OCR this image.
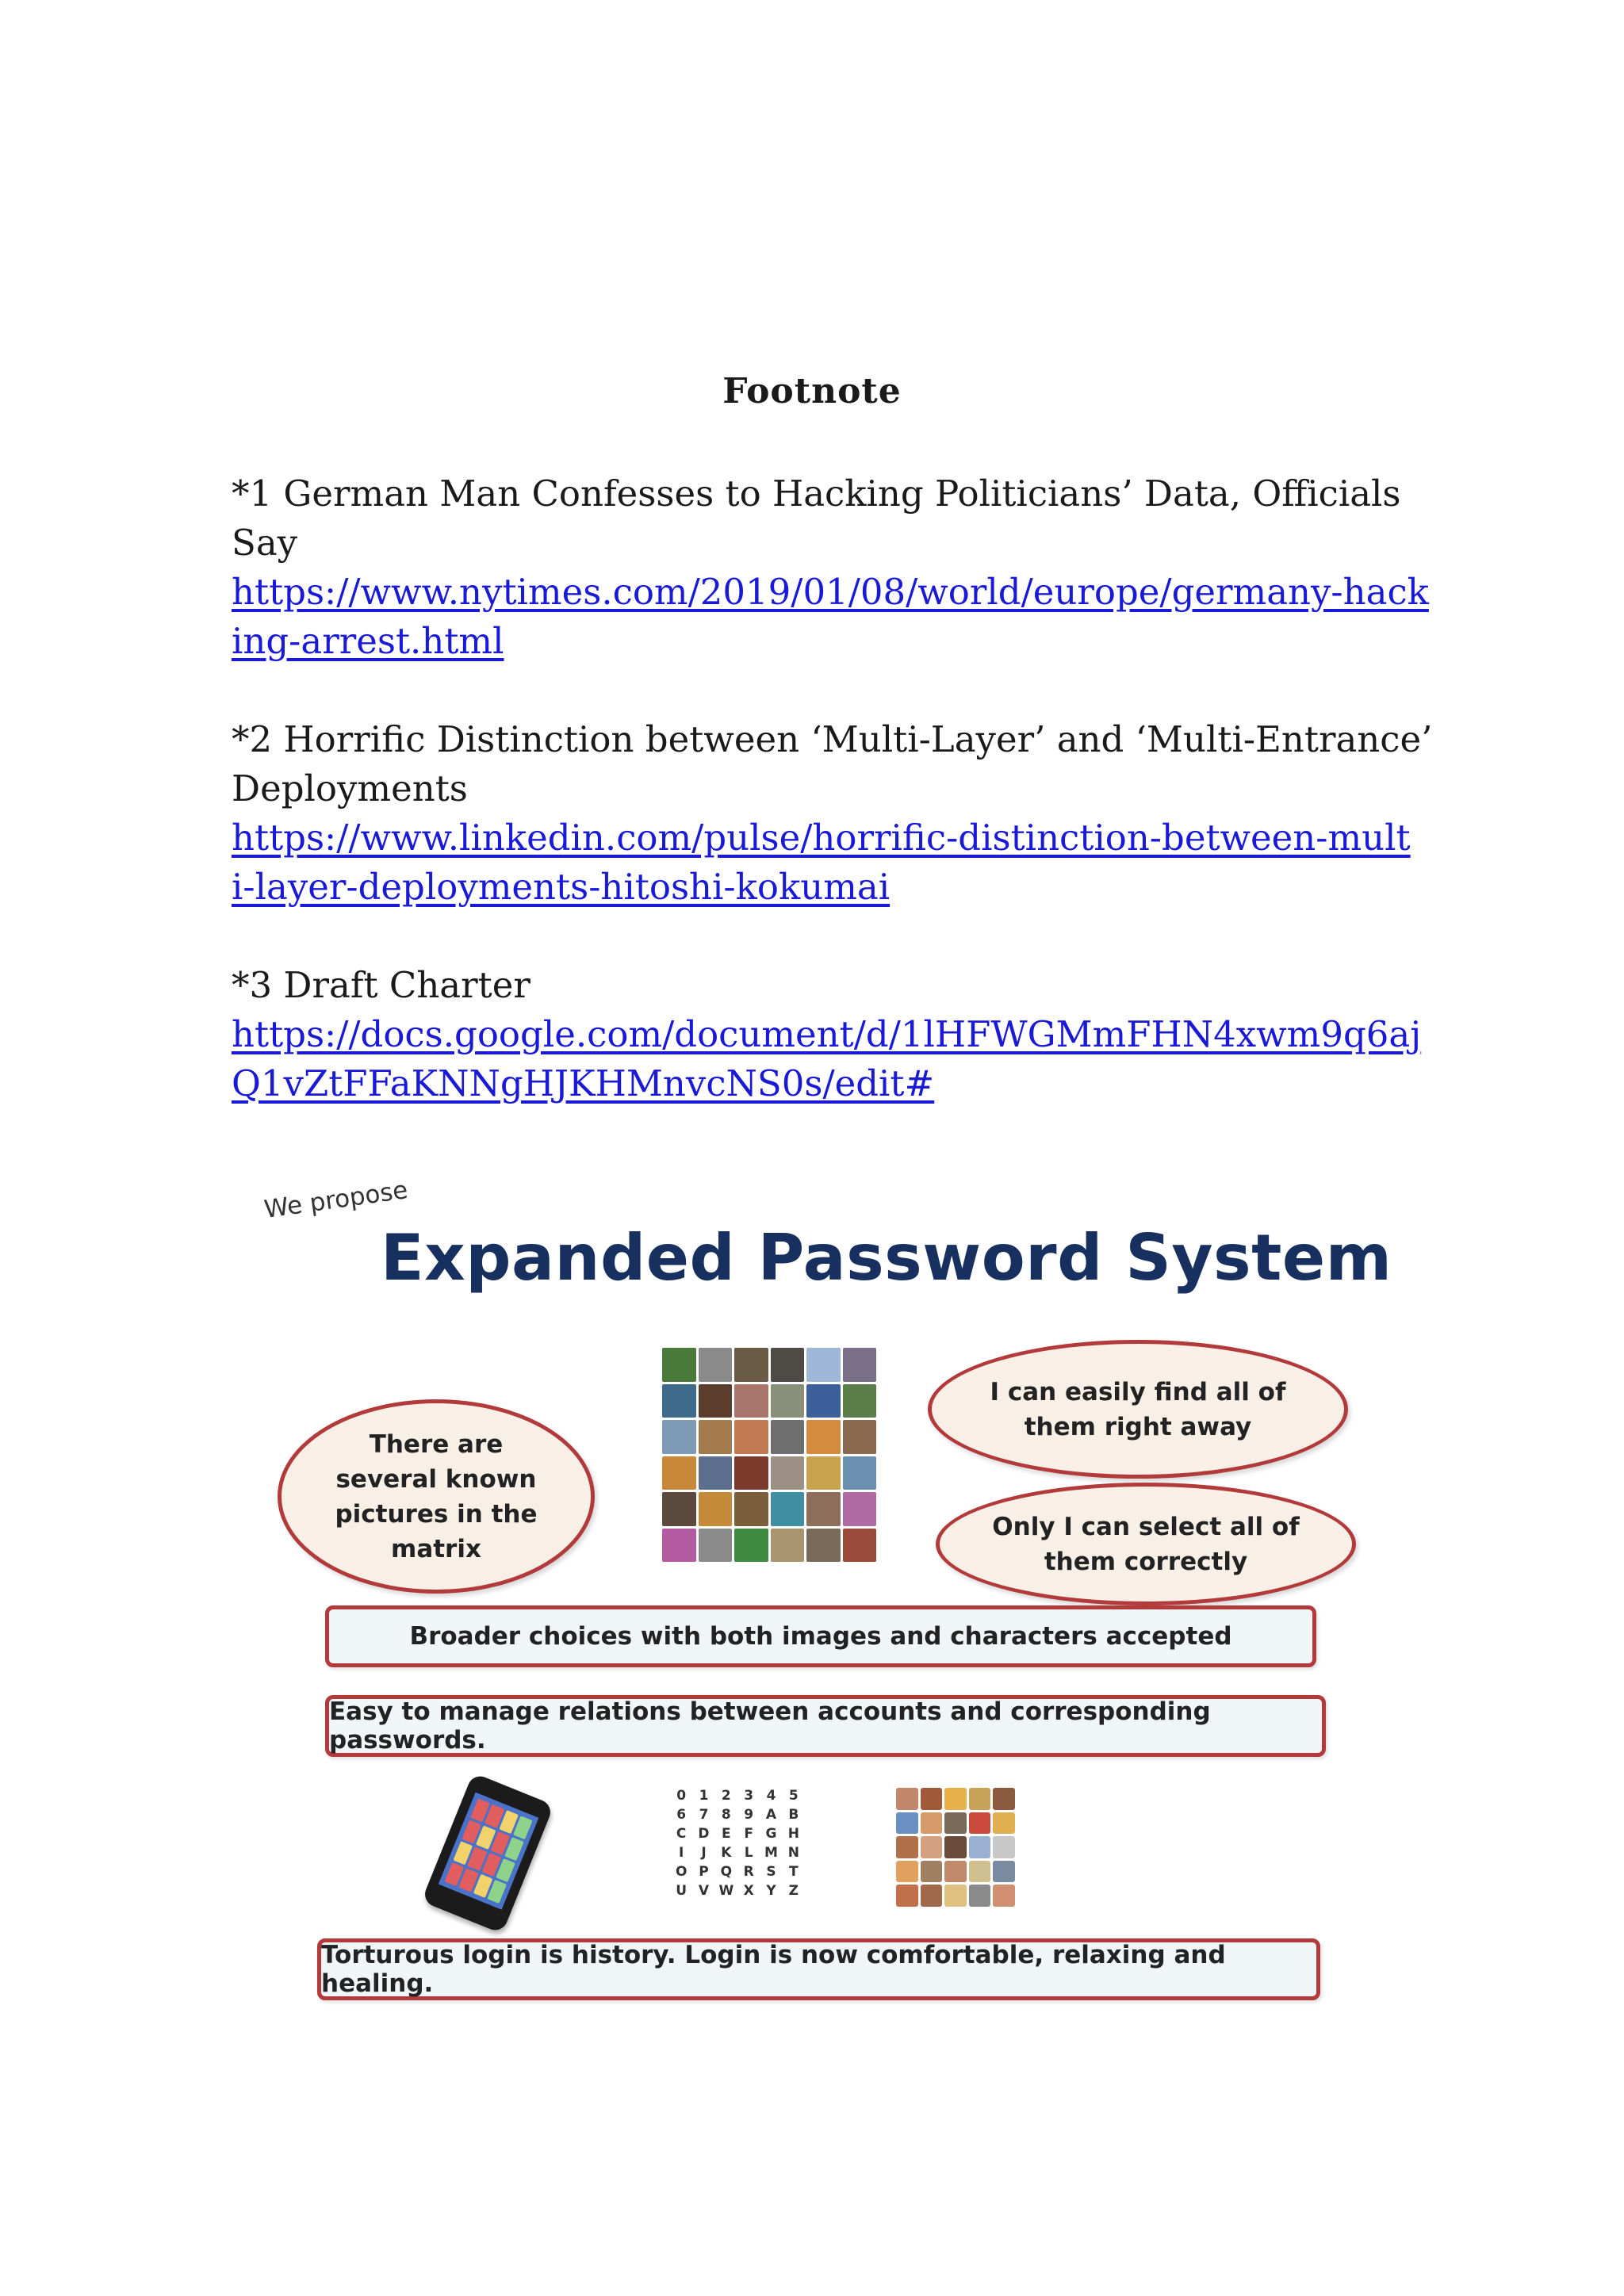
Footnote
*1 German Man Confesses to Hacking Politicians’ Data, Officials
Say
https://www.nytimes.com/2019/01/08/world/europe/germany-hack
ing-arrest.html
*2 Horrific Distinction between ‘Multi-Layer’ and ‘Multi-Entrance’
Deployments
https://www.linkedin.com/pulse/horrific-distinction-between-mult
i-layer-deployments-hitoshi-kokumai
*3 Draft Charter
https://docs.google.com/document/d/1lHFWGMmFHN4xwm9q6aj
Q1vZtFFaKNNgHJKHMnvcNS0s/edit#
We propose
Expanded Password System
There are
several known
pictures in the
matrix
I can easily find all of
them right away
Only I can select all of
them correctly
Broader choices with both images and characters accepted
Easy to manage relations between accounts and corresponding passwords.
0 1 2 3 4 5
6 7 8 9 A B
C D E F G H
I	J	K L M N
O P Q R S T
U V W X Y Z
Torturous login is history. Login is now comfortable, relaxing and healing.
